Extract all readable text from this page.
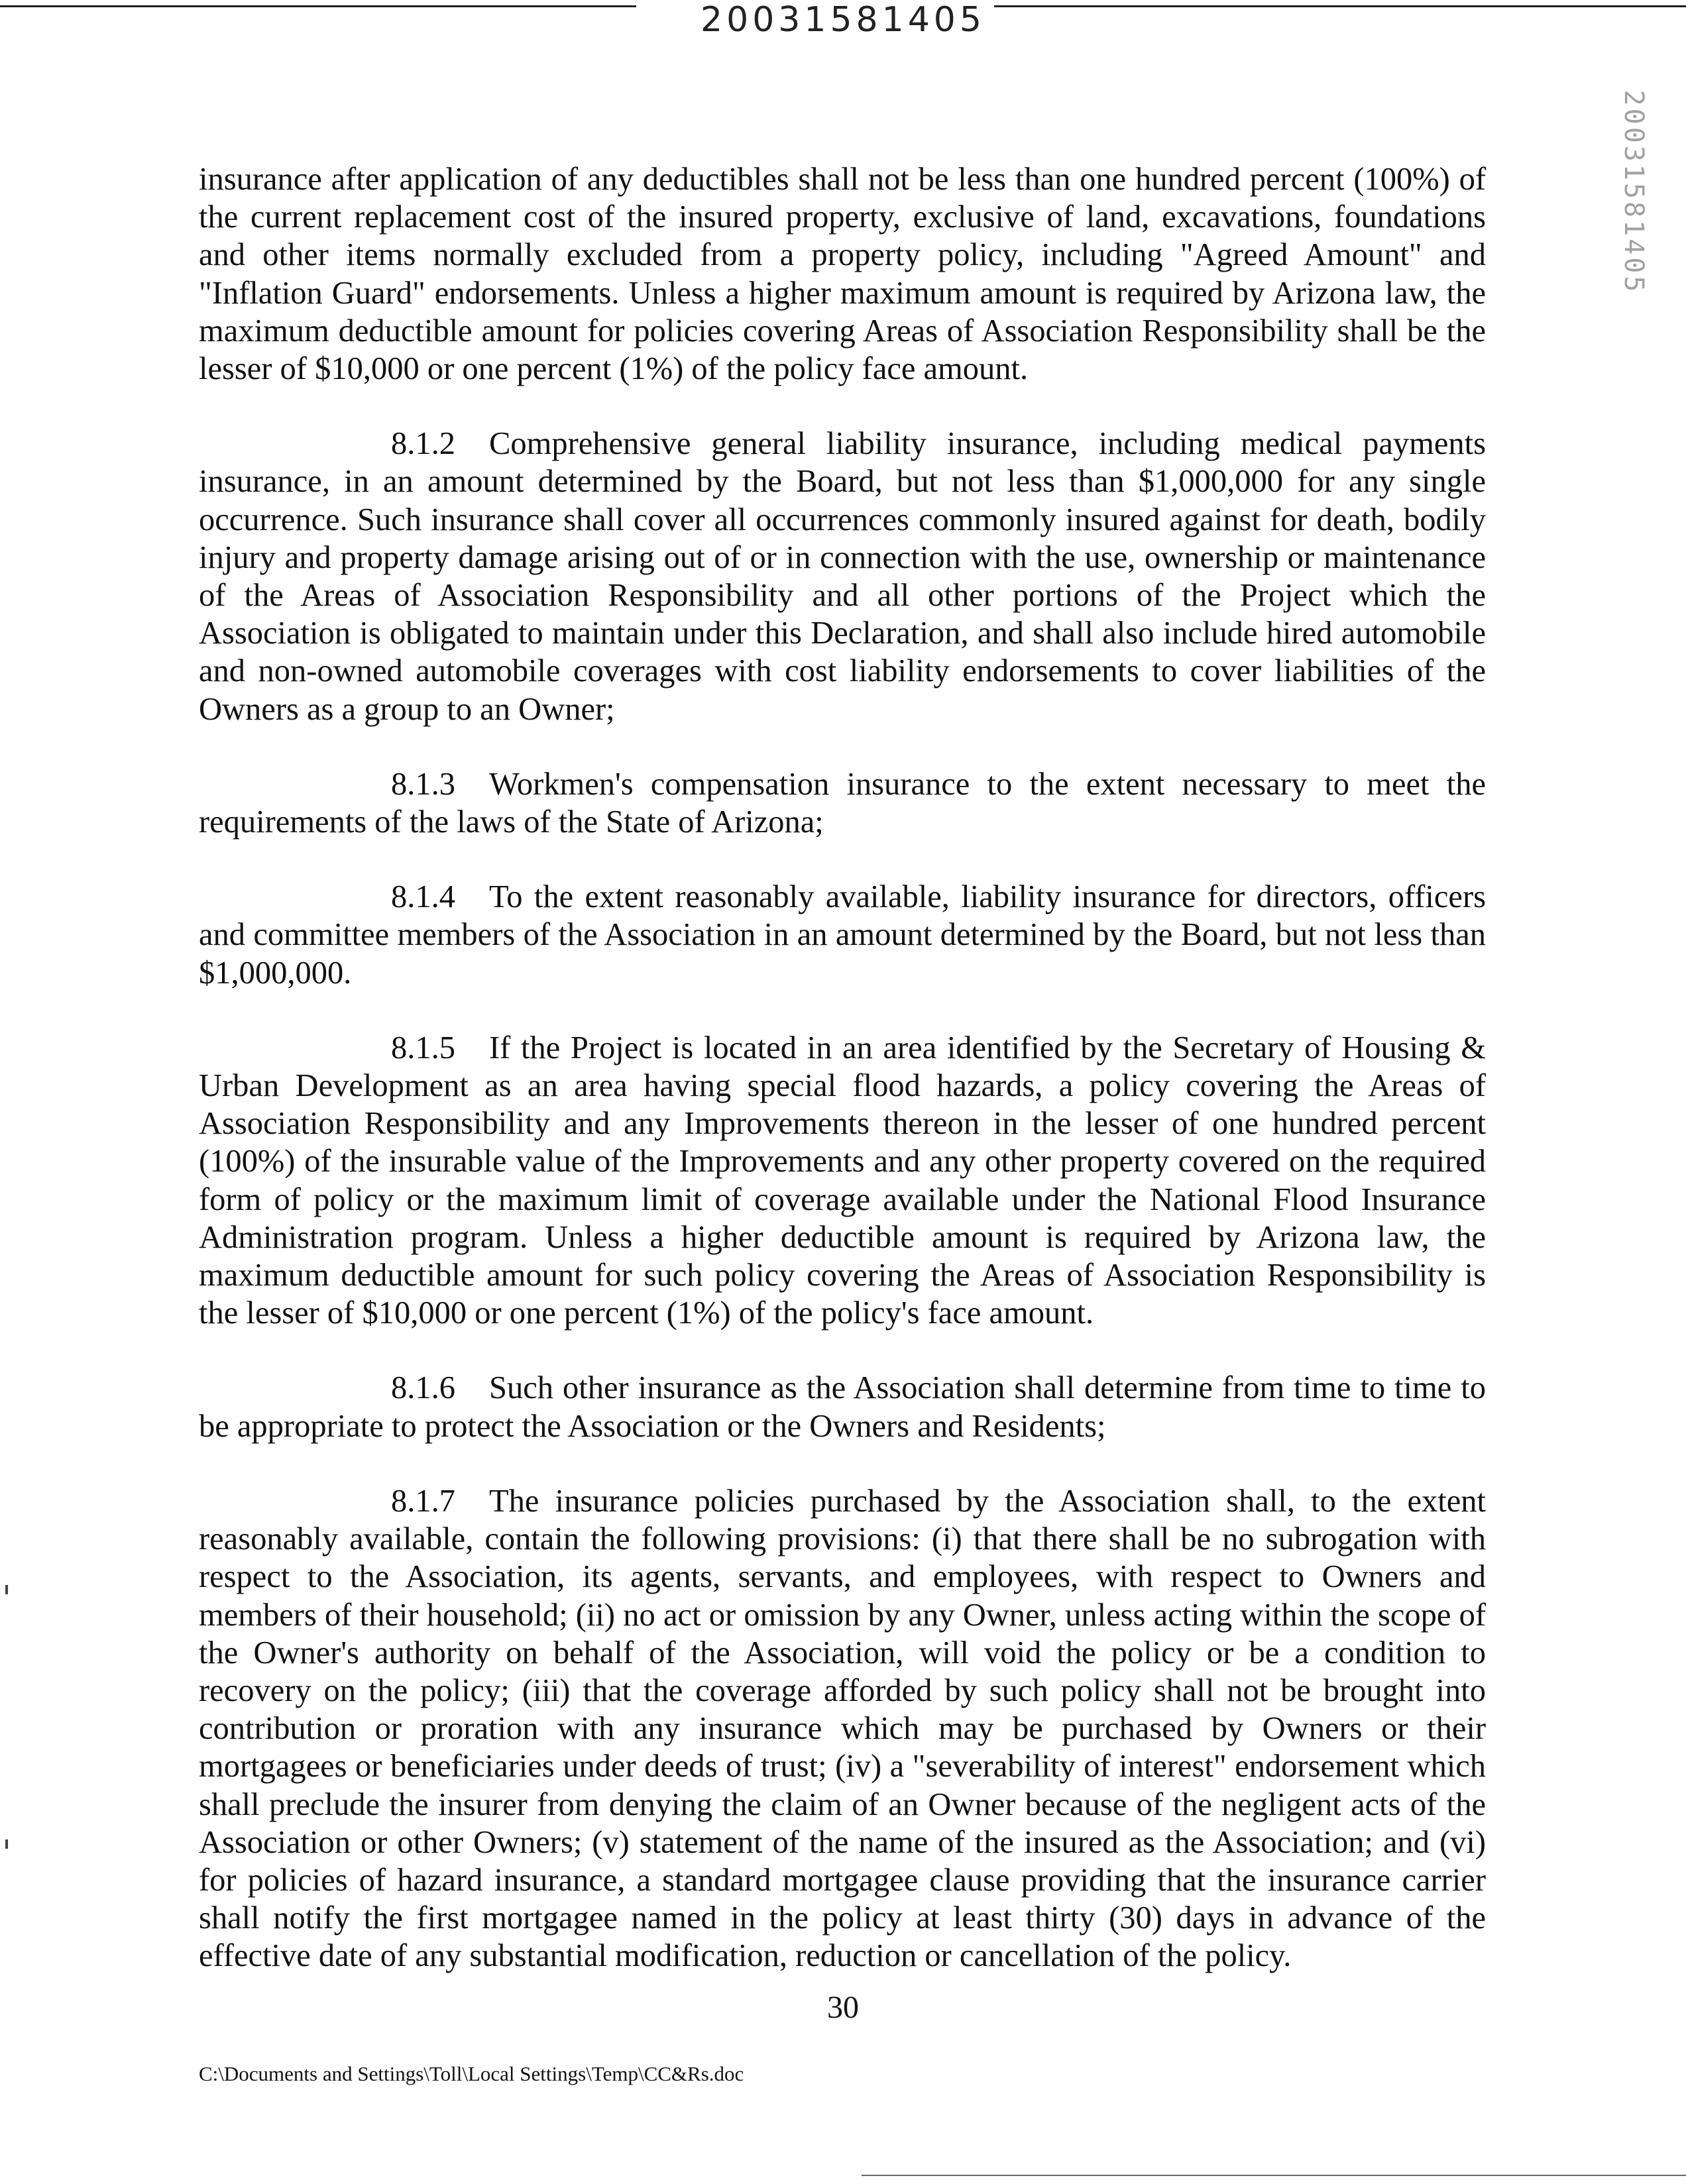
20031581405
20031581405

insurance after application of any deductibles shall not be less than one hundred percent (100%) of the current replacement cost of the insured property, exclusive of land, excavations, foundations and other items normally excluded from a property policy, including "Agreed Amount" and "Inflation Guard" endorsements. Unless a higher maximum amount is required by Arizona law, the maximum deductible amount for policies covering Areas of Association Responsibility shall be the lesser of $10,000 or one percent (1%) of the policy face amount.

8.1.2 Comprehensive general liability insurance, including medical payments insurance, in an amount determined by the Board, but not less than $1,000,000 for any single occurrence. Such insurance shall cover all occurrences commonly insured against for death, bodily injury and property damage arising out of or in connection with the use, ownership or maintenance of the Areas of Association Responsibility and all other portions of the Project which the Association is obligated to maintain under this Declaration, and shall also include hired automobile and non-owned automobile coverages with cost liability endorsements to cover liabilities of the Owners as a group to an Owner;

8.1.3 Workmen's compensation insurance to the extent necessary to meet the requirements of the laws of the State of Arizona;

8.1.4 To the extent reasonably available, liability insurance for directors, officers and committee members of the Association in an amount determined by the Board, but not less than $1,000,000.

8.1.5 If the Project is located in an area identified by the Secretary of Housing & Urban Development as an area having special flood hazards, a policy covering the Areas of Association Responsibility and any Improvements thereon in the lesser of one hundred percent (100%) of the insurable value of the Improvements and any other property covered on the required form of policy or the maximum limit of coverage available under the National Flood Insurance Administration program. Unless a higher deductible amount is required by Arizona law, the maximum deductible amount for such policy covering the Areas of Association Responsibility is the lesser of $10,000 or one percent (1%) of the policy's face amount.

8.1.6 Such other insurance as the Association shall determine from time to time to be appropriate to protect the Association or the Owners and Residents;

8.1.7 The insurance policies purchased by the Association shall, to the extent reasonably available, contain the following provisions: (i) that there shall be no subrogation with respect to the Association, its agents, servants, and employees, with respect to Owners and members of their household; (ii) no act or omission by any Owner, unless acting within the scope of the Owner's authority on behalf of the Association, will void the policy or be a condition to recovery on the policy; (iii) that the coverage afforded by such policy shall not be brought into contribution or proration with any insurance which may be purchased by Owners or their mortgagees or beneficiaries under deeds of trust; (iv) a "severability of interest" endorsement which shall preclude the insurer from denying the claim of an Owner because of the negligent acts of the Association or other Owners; (v) statement of the name of the insured as the Association; and (vi) for policies of hazard insurance, a standard mortgagee clause providing that the insurance carrier shall notify the first mortgagee named in the policy at least thirty (30) days in advance of the effective date of any substantial modification, reduction or cancellation of the policy.

30
C:\Documents and Settings\Toll\Local Settings\Temp\CC&Rs.doc
